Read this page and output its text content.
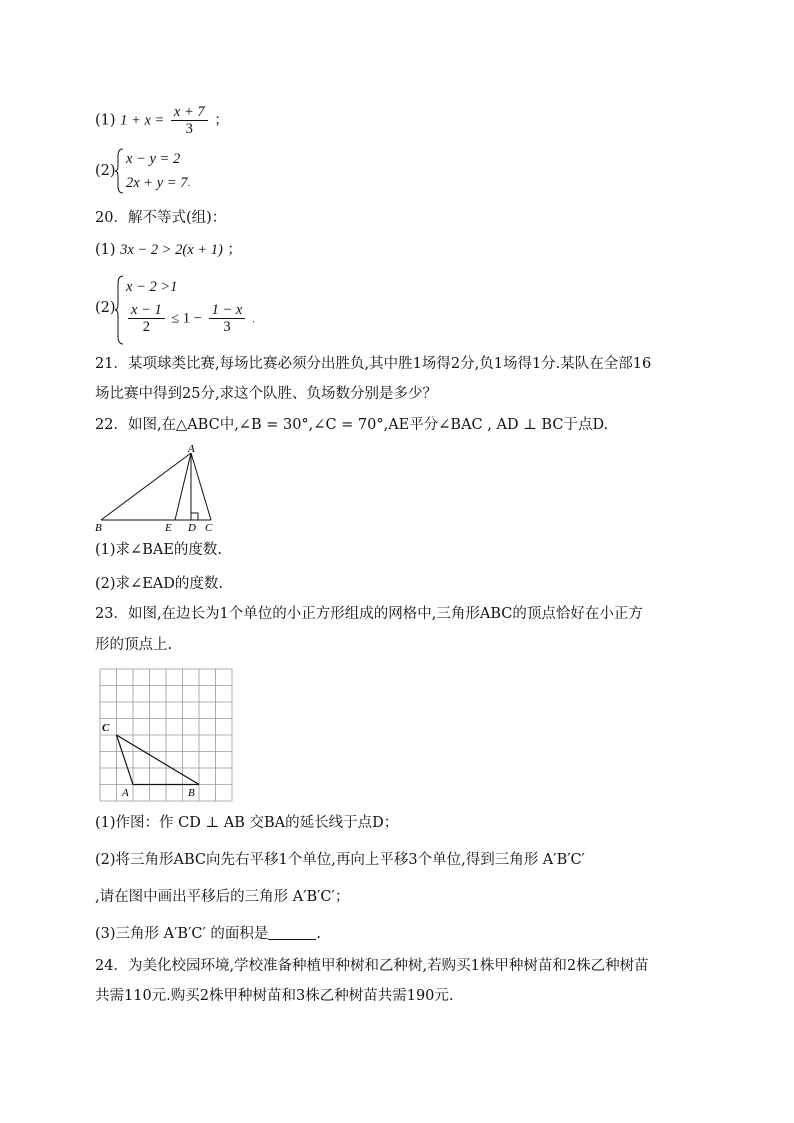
(1) $1 + x = \frac{x + 7}{3}$ ；
(2)
x − y = 2
2x + y = 7 .
20．解不等式(组)：
(1) 3x − 2 > 2(x + 1) ；
(2)
x − 2 >1
$\frac{x - 1}{2} \le 1 - \frac{1 - x}{3}$ .
21．某项球类比赛,每场比赛必须分出胜负,其中胜1场得2分,负1场得1分.某队在全部16
场比赛中得到25分,求这个队胜、负场数分别是多少？
22．如图,在△ABC中,∠B = 30°,∠C = 70°,AE平分∠BAC , AD ⊥ BC于点D.
A
B	E D C
(1)求∠BAE的度数.
(2)求∠EAD的度数.
23．如图,在边长为1个单位的小正方形组成的网格中,三角形ABC的顶点恰好在小正方
形的顶点上.
C
A	B
(1)作图：作 CD ⊥ AB 交BA的延长线于点D；
(2)将三角形ABC向先右平移1个单位,再向上平移3个单位,得到三角形 A′B′C′
,请在图中画出平移后的三角形 A′B′C′；
(3)三角形 A′B′C′ 的面积是	.
24．为美化校园环境,学校准备种植甲种树和乙种树,若购买1株甲种树苗和2株乙种树苗
共需110元.购买2株甲种树苗和3株乙种树苗共需190元.
